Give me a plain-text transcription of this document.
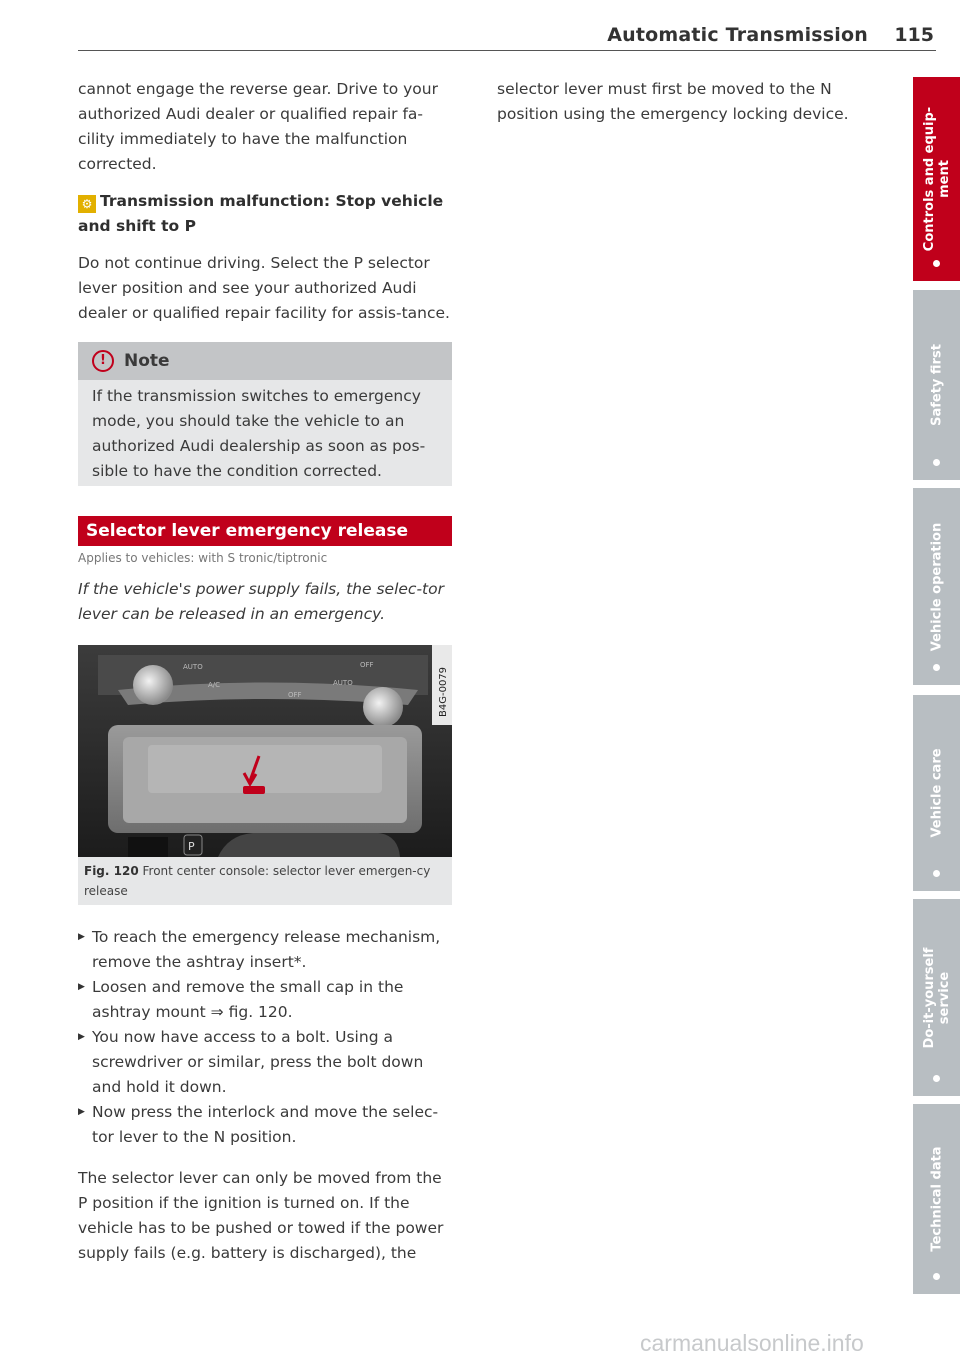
Automatic Transmission 115

cannot engage the reverse gear. Drive to your authorized Audi dealer or qualified repair fa-cility immediately to have the malfunction corrected.

⚙ Transmission malfunction: Stop vehicle and shift to P

Do not continue driving. Select the P selector lever position and see your authorized Audi dealer or qualified repair facility for assis-tance.

!	Note
If the transmission switches to emergency mode, you should take the vehicle to an authorized Audi dealership as soon as pos-sible to have the condition corrected.
Selector lever emergency release
Applies to vehicles: with S tronic/tiptronic
If the vehicle's power supply fails, the selec-tor lever can be released in an emergency.
P
AUTO	OFF
AUTO
OFF
A/C	B4G-0079
Fig. 120 Front center console: selector lever emergen-cy release
▶ To reach the emergency release mechanism, remove the ashtray insert*.
▶ Loosen and remove the small cap in the ashtray mount ⇒ fig. 120.
▶ You now have access to a bolt. Using a screwdriver or similar, press the bolt down and hold it down.
▶ Now press the interlock and move the selec-tor lever to the N position.

The selector lever can only be moved from the P position if the ignition is turned on. If the vehicle has to be pushed or towed if the power supply fails (e.g. battery is discharged), the

selector lever must first be moved to the N position using the emergency locking device.	Controls and equip-ment
Safety first
Vehicle operation
Vehicle care
Do-it-yourself service
Technical data
carmanualsonline.info
